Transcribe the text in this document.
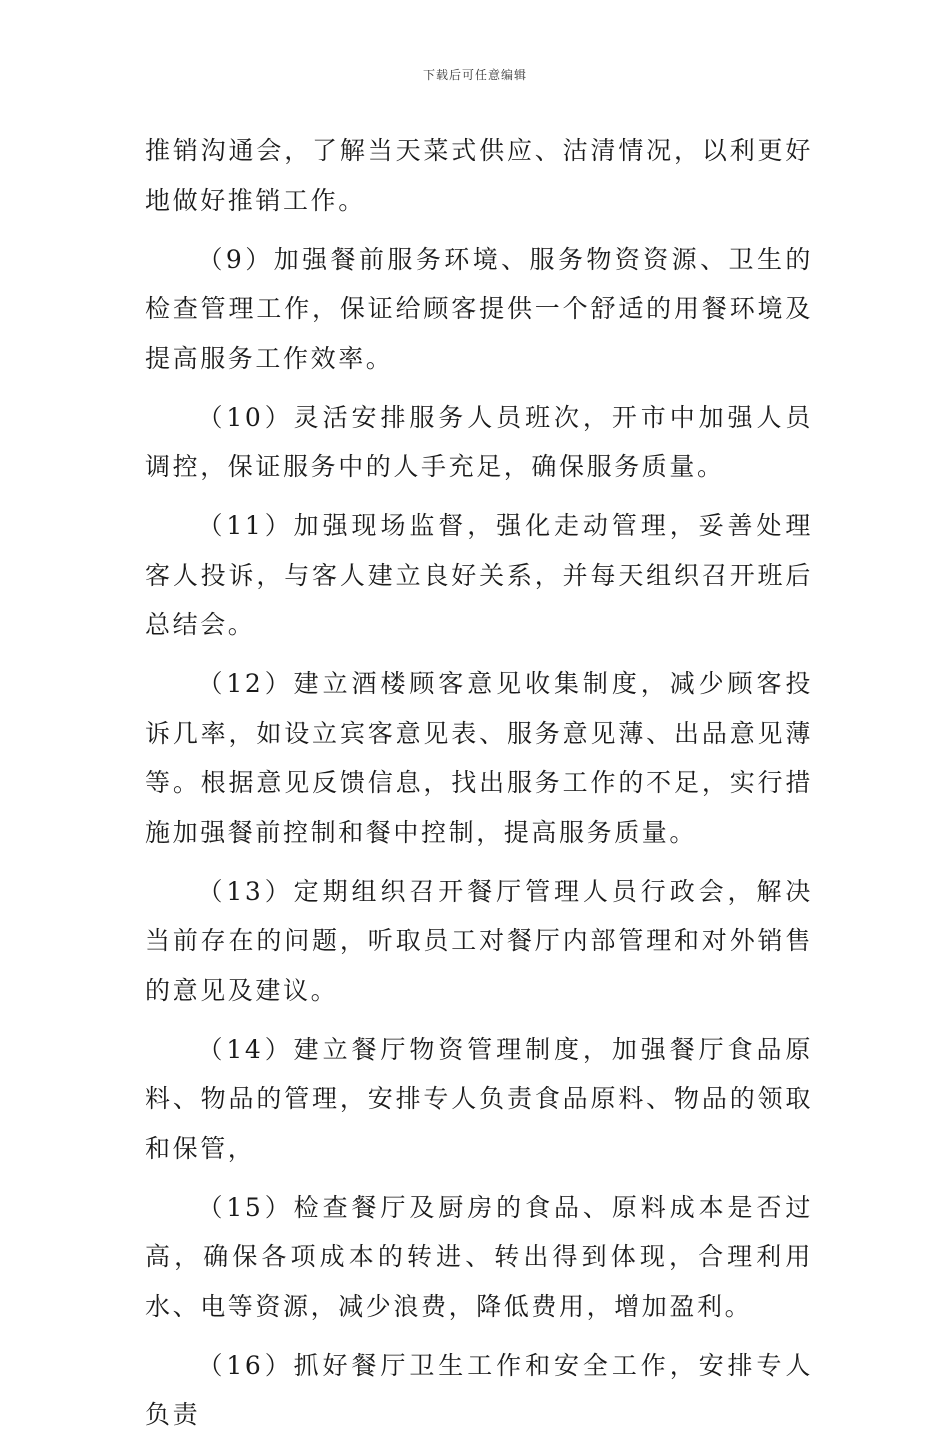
下载后可任意编辑

推销沟通会，了解当天菜式供应、沽清情况，以利更好地做好推销工作。

（9）加强餐前服务环境、服务物资资源、卫生的检查管理工作，保证给顾客提供一个舒适的用餐环境及提高服务工作效率。

（10）灵活安排服务人员班次，开市中加强人员调控，保证服务中的人手充足，确保服务质量。

（11）加强现场监督，强化走动管理，妥善处理客人投诉，与客人建立良好关系，并每天组织召开班后总结会。

（12）建立酒楼顾客意见收集制度，减少顾客投诉几率，如设立宾客意见表、服务意见薄、出品意见薄等。根据意见反馈信息，找出服务工作的不足，实行措施加强餐前控制和餐中控制，提高服务质量。

（13）定期组织召开餐厅管理人员行政会，解决当前存在的问题，听取员工对餐厅内部管理和对外销售的意见及建议。

（14）建立餐厅物资管理制度，加强餐厅食品原料、物品的管理，安排专人负责食品原料、物品的领取和保管，

（15）检查餐厅及厨房的食品、原料成本是否过高，确保各项成本的转进、转出得到体现，合理利用水、电等资源，减少浪费，降低费用，增加盈利。

（16）抓好餐厅卫生工作和安全工作，安排专人负责
